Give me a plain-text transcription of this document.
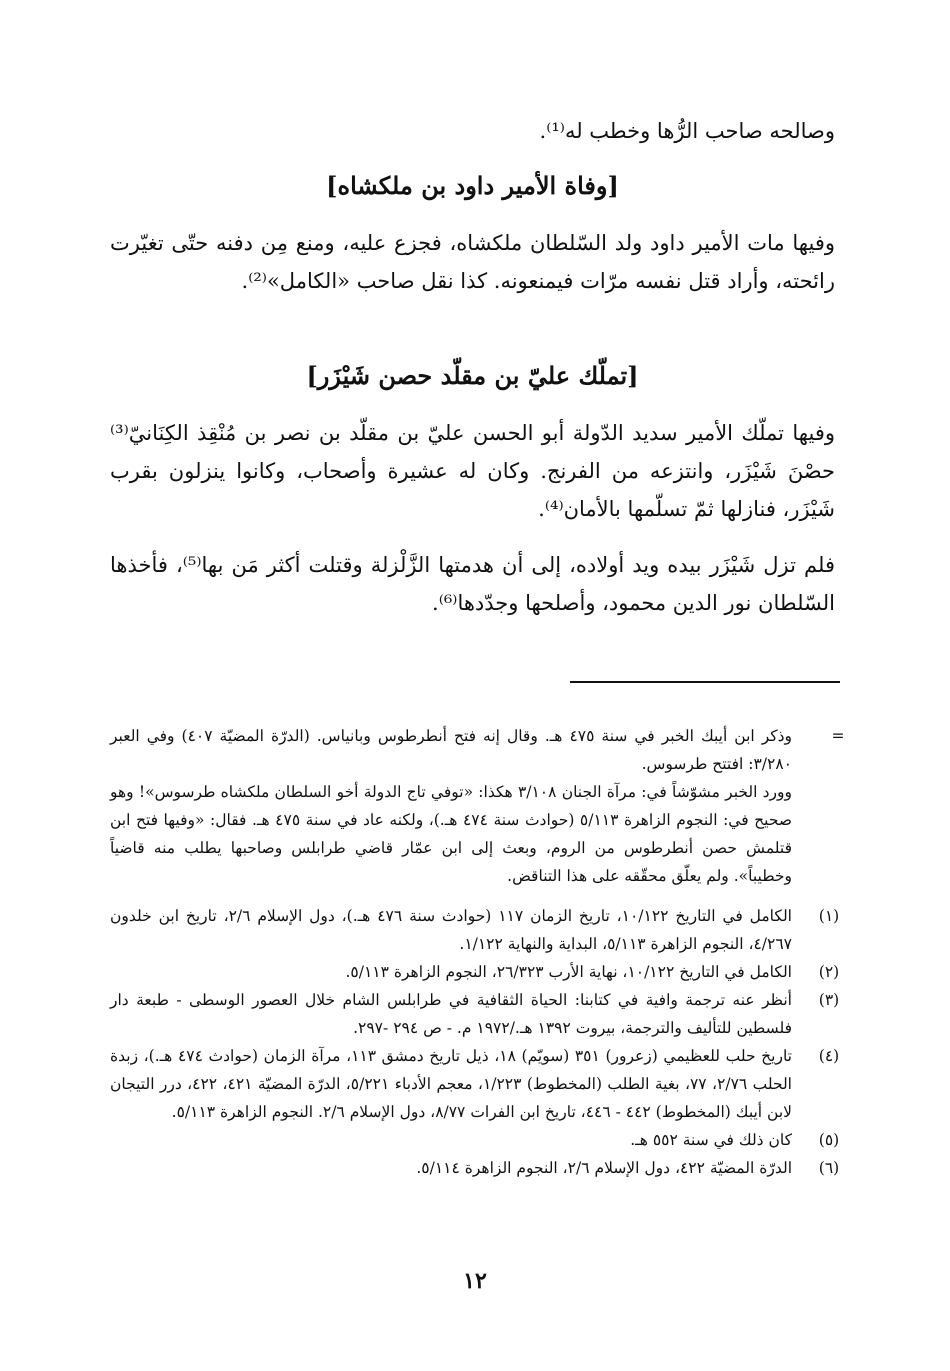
وصالحه صاحب الرُّها وخطب له⁽¹⁾.

[وفاة الأمير داود بن ملكشاه]

وفيها مات الأمير داود ولد السّلطان ملكشاه، فجزع عليه، ومنع مِن دفنه حتّى تغيّرت رائحته، وأراد قتل نفسه مرّات فيمنعونه. كذا نقل صاحب «الكامل»⁽²⁾.

[تملّك عليّ بن مقلّد حصن شَيْزَر]

وفيها تملّك الأمير سديد الدّولة أبو الحسن عليّ بن مقلّد بن نصر بن مُنْقِذ الكِنَانيّ⁽³⁾ حصْنَ شَيْزَر، وانتزعه من الفرنج. وكان له عشيرة وأصحاب، وكانوا ينزلون بقرب شَيْزَر، فنازلها ثمّ تسلّمها بالأمان⁽⁴⁾.

فلم تزل شَيْزَر بيده ويد أولاده، إلى أن هدمتها الزَّلْزلة وقتلت أكثر مَن بها⁽⁵⁾، فأخذها السّلطان نور الدين محمود، وأصلحها وجدّدها⁽⁶⁾.

=
وذكر ابن أيبك الخبر في سنة ٤٧٥ هـ. وقال إنه فتح أنطرطوس وبانياس. (الدرّة المضيّة ٤٠٧) وفي العبر ٣/٢٨٠: افتتح طرسوس.
وورد الخبر مشوّشاً في: مرآة الجنان ٣/١٠٨ هكذا: «توفي تاج الدولة أخو السلطان ملكشاه طرسوس»! وهو صحيح في: النجوم الزاهرة ٥/١١٣ (حوادث سنة ٤٧٤ هـ.)، ولكنه عاد في سنة ٤٧٥ هـ. فقال: «وفيها فتح ابن قتلمش حصن أنطرطوس من الروم، وبعث إلى ابن عمّار قاضي طرابلس وصاحبها يطلب منه قاضياً وخطيباً». ولم يعلّق محقّقه على هذا التناقض.
(١)
الكامل في التاريخ ١٠/١٢٢، تاريخ الزمان ١١٧ (حوادث سنة ٤٧٦ هـ.)، دول الإسلام ٢/٦، تاريخ ابن خلدون ٤/٢٦٧، النجوم الزاهرة ٥/١١٣، البداية والنهاية ١/١٢٢.
(٢)
الكامل في التاريخ ١٠/١٢٢، نهاية الأرب ٢٦/٣٢٣، النجوم الزاهرة ٥/١١٣.
(٣)
أنظر عنه ترجمة وافية في كتابنا: الحياة الثقافية في طرابلس الشام خلال العصور الوسطى - طبعة دار فلسطين للتأليف والترجمة، بيروت ١٣٩٢ هـ./١٩٧٢ م. - ص ٢٩٤ -٢٩٧.
(٤)
تاريخ حلب للعظيمي (زعرور) ٣٥١ (سويّم) ١٨، ذيل تاريخ دمشق ١١٣، مرآة الزمان (حوادث ٤٧٤ هـ.)، زبدة الحلب ٢/٧٦، ٧٧، بغية الطلب (المخطوط) ١/٢٢٣، معجم الأدباء ٥/٢٢١، الدرّة المضيّة ٤٢١، ٤٢٢، درر التيجان لابن أيبك (المخطوط) ٤٤٢ - ٤٤٦، تاريخ ابن الفرات ٨/٧٧، دول الإسلام ٢/٦. النجوم الزاهرة ٥/١١٣.
(٥)
كان ذلك في سنة ٥٥٢ هـ.
(٦)
الدرّة المضيّة ٤٢٢، دول الإسلام ٢/٦، النجوم الزاهرة ٥/١١٤.
١٢
